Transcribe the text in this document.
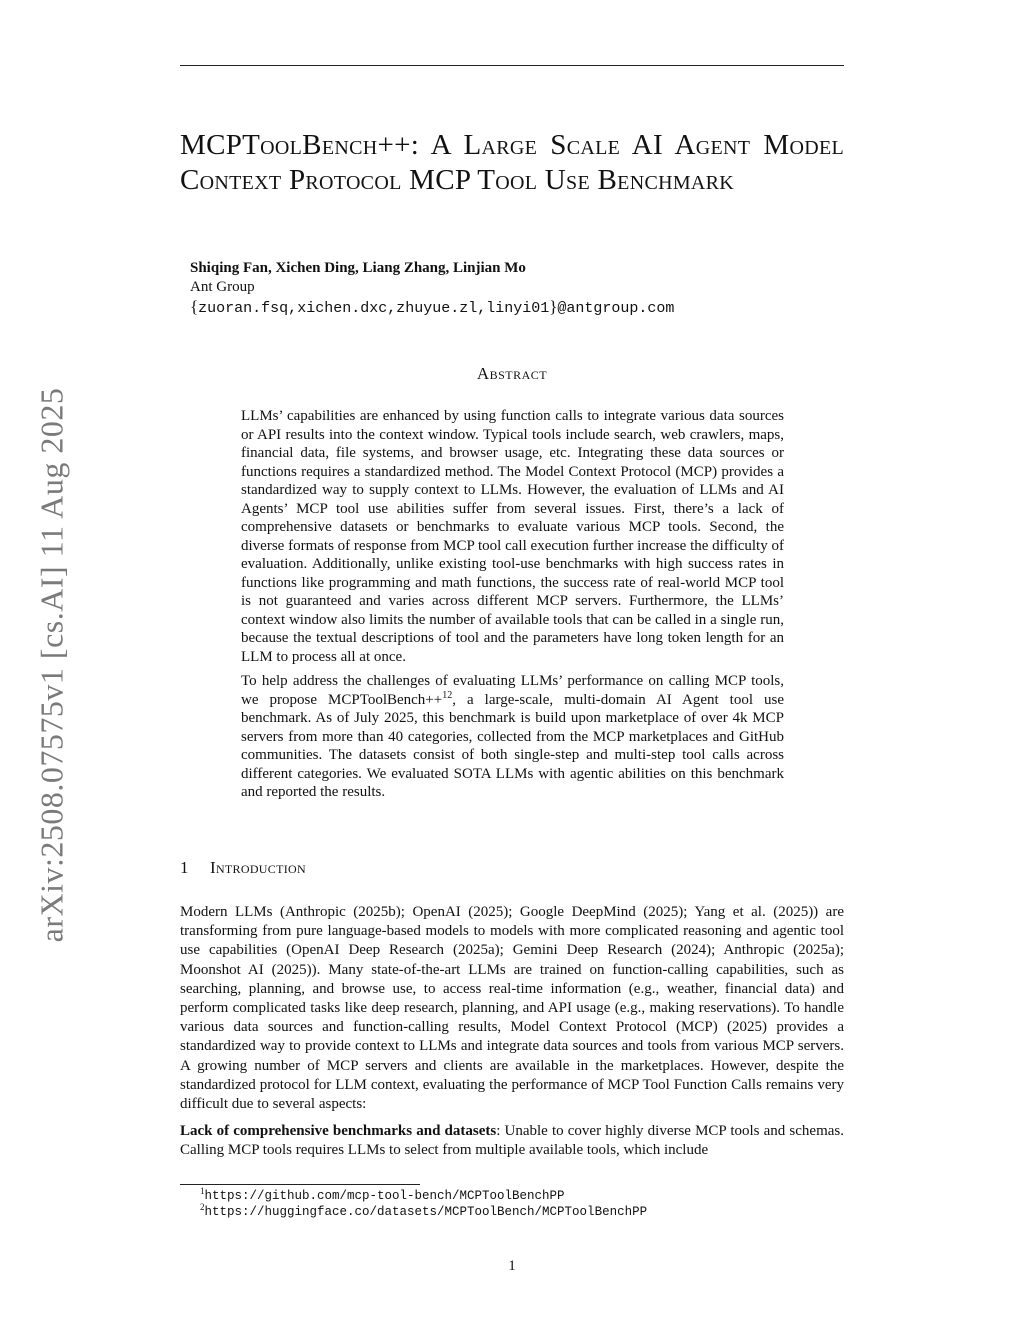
arXiv:2508.07575v1 [cs.AI] 11 Aug 2025
MCPToolBench++: A Large Scale AI Agent Model Context Protocol MCP Tool Use Benchmark
Shiqing Fan, Xichen Ding, Liang Zhang, Linjian Mo
Ant Group
{zuoran.fsq,xichen.dxc,zhuyue.zl,linyi01}@antgroup.com
Abstract

LLMs’ capabilities are enhanced by using function calls to integrate various data sources or API results into the context window. Typical tools include search, web crawlers, maps, financial data, file systems, and browser usage, etc. Integrating these data sources or functions requires a standardized method. The Model Context Protocol (MCP) provides a standardized way to supply context to LLMs. However, the evaluation of LLMs and AI Agents’ MCP tool use abilities suffer from several issues. First, there’s a lack of comprehensive datasets or benchmarks to evaluate various MCP tools. Second, the diverse formats of response from MCP tool call execution further increase the difficulty of evaluation. Additionally, unlike existing tool-use benchmarks with high success rates in functions like programming and math functions, the success rate of real-world MCP tool is not guaranteed and varies across different MCP servers. Furthermore, the LLMs’ context window also limits the number of available tools that can be called in a single run, because the textual descriptions of tool and the parameters have long token length for an LLM to process all at once.

To help address the challenges of evaluating LLMs’ performance on calling MCP tools, we propose MCPToolBench++$^{12}$, a large-scale, multi-domain AI Agent tool use benchmark. As of July 2025, this benchmark is build upon marketplace of over 4k MCP servers from more than 40 categories, collected from the MCP marketplaces and GitHub communities. The datasets consist of both single-step and multi-step tool calls across different categories. We evaluated SOTA LLMs with agentic abilities on this benchmark and reported the results.

1 Introduction

Modern LLMs (Anthropic (2025b); OpenAI (2025); Google DeepMind (2025); Yang et al. (2025)) are transforming from pure language-based models to models with more complicated reasoning and agentic tool use capabilities (OpenAI Deep Research (2025a); Gemini Deep Research (2024); Anthropic (2025a); Moonshot AI (2025)). Many state-of-the-art LLMs are trained on function-calling capabilities, such as searching, planning, and browse use, to access real-time information (e.g., weather, financial data) and perform complicated tasks like deep research, planning, and API usage (e.g., making reservations). To handle various data sources and function-calling results, Model Context Protocol (MCP) (2025) provides a standardized way to provide context to LLMs and integrate data sources and tools from various MCP servers. A growing number of MCP servers and clients are available in the marketplaces. However, despite the standardized protocol for LLM context, evaluating the performance of MCP Tool Function Calls remains very difficult due to several aspects:

Lack of comprehensive benchmarks and datasets: Unable to cover highly diverse MCP tools and schemas. Calling MCP tools requires LLMs to select from multiple available tools, which include

$^1$https://github.com/mcp-tool-bench/MCPToolBenchPP
$^2$https://huggingface.co/datasets/MCPToolBench/MCPToolBenchPP
1
